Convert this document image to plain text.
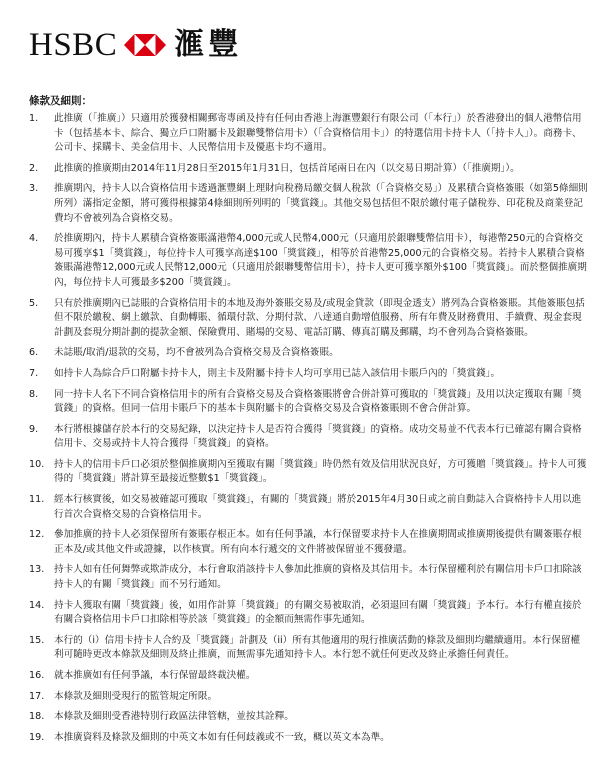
HSBC 滙豐
條款及細則：
1.	此推廣（「推廣」）只適用於獲發相關郵寄專函及持有任何由香港上海滙豐銀行有限公司（「本行」）於香港發出的個人港幣信用卡（包括基本卡、綜合、獨立戶口附屬卡及銀聯雙幣信用卡）（「合資格信用卡」）的特選信用卡持卡人（「持卡人」）。商務卡、公司卡、採購卡、美金信用卡、人民幣信用卡及優惠卡均不適用。
2.	此推廣的推廣期由2014年11月28日至2015年1月31日，包括首尾兩日在內（以交易日期計算）（「推廣期」）。
3.	推廣期內，持卡人以合資格信用卡透過滙豐網上理財向稅務局繳交個人稅款（「合資格交易」）及累積合資格簽賬（如第5條細則所列）滿指定金額，將可獲得根據第4條細則所列明的「獎賞錢」。其他交易包括但不限於繳付電子儲稅券、印花稅及商業登記費均不會被列為合資格交易。
4.	於推廣期內，持卡人累積合資格簽賬滿港幣4,000元或人民幣4,000元（只適用於銀聯雙幣信用卡），每港幣250元的合資格交易可獲享$1「獎賞錢」，每位持卡人可獲享高達$100「獎賞錢」，相等於首港幣25,000元的合資格交易。若持卡人累積合資格簽賬滿港幣12,000元或人民幣12,000元（只適用於銀聯雙幣信用卡），持卡人更可獲享額外$100「獎賞錢」。而於整個推廣期內，每位持卡人可獲最多$200「獎賞錢」。
5.	只有於推廣期內已誌賬的合資格信用卡的本地及海外簽賬交易及/或現金貸款（即現金透支）將列為合資格簽賬。其他簽賬包括但不限於繳稅、網上繳款、自動轉賬、循環付款、分期付款、八達通自動增值服務、所有年費及財務費用、手續費、現金套現計劃及套現分期計劃的提款金額、保險費用、賭場的交易、電話訂購、傳真訂購及郵購，均不會列為合資格簽賬。
6.	未誌賬/取消/退款的交易，均不會被列為合資格交易及合資格簽賬。
7.	如持卡人為綜合戶口附屬卡持卡人，則主卡及附屬卡持卡人均可享用已誌入該信用卡賬戶內的「獎賞錢」。
8.	同一持卡人名下不同合資格信用卡的所有合資格交易及合資格簽賬將會合併計算可獲取的「獎賞錢」及用以決定獲取有關「獎賞錢」的資格。但同一信用卡賬戶下的基本卡與附屬卡的合資格交易及合資格簽賬則不會合併計算。
9.	本行將根據儲存於本行的交易紀錄，以決定持卡人是否符合獲得「獎賞錢」的資格。成功交易並不代表本行已確認有關合資格信用卡、交易或持卡人符合獲得「獎賞錢」的資格。
10.	持卡人的信用卡戶口必須於整個推廣期內至獲取有關「獎賞錢」時仍然有效及信用狀況良好，方可獲贈「獎賞錢」。持卡人可獲得的「獎賞錢」將計算至最接近整數$1「獎賞錢」。
11.	經本行核實後，如交易被確認可獲取「獎賞錢」，有關的「獎賞錢」將於2015年4月30日或之前自動誌入合資格持卡人用以進行首次合資格交易的合資格信用卡。
12.	參加推廣的持卡人必須保留所有簽賬存根正本。如有任何爭議，本行保留要求持卡人在推廣期間或推廣期後提供有關簽賬存根正本及/或其他文件或證據，以作核實。所有向本行遞交的文件將被保留並不獲發還。
13.	持卡人如有任何舞弊或欺詐成分，本行會取消該持卡人參加此推廣的資格及其信用卡。本行保留權利於有關信用卡戶口扣除該持卡人的有關「獎賞錢」而不另行通知。
14.	持卡人獲取有關「獎賞錢」後，如用作計算「獎賞錢」的有關交易被取消，必須退回有關「獎賞錢」予本行。本行有權直接於有關合資格信用卡戶口扣除相等於該「獎賞錢」的金額而無需作事先通知。
15.	本行的（i）信用卡持卡人合約及「獎賞錢」計劃及（ii）所有其他適用的現行推廣活動的條款及細則均繼續適用。本行保留權利可隨時更改本條款及細則及終止推廣，而無需事先通知持卡人。本行恕不就任何更改及終止承擔任何責任。
16.	就本推廣如有任何爭議，本行保留最終裁決權。
17.	本條款及細則受現行的監管規定所限。
18.	本條款及細則受香港特別行政區法律管轄，並按其詮釋。
19.	本推廣資料及條款及細則的中英文本如有任何歧義或不一致，概以英文本為準。
